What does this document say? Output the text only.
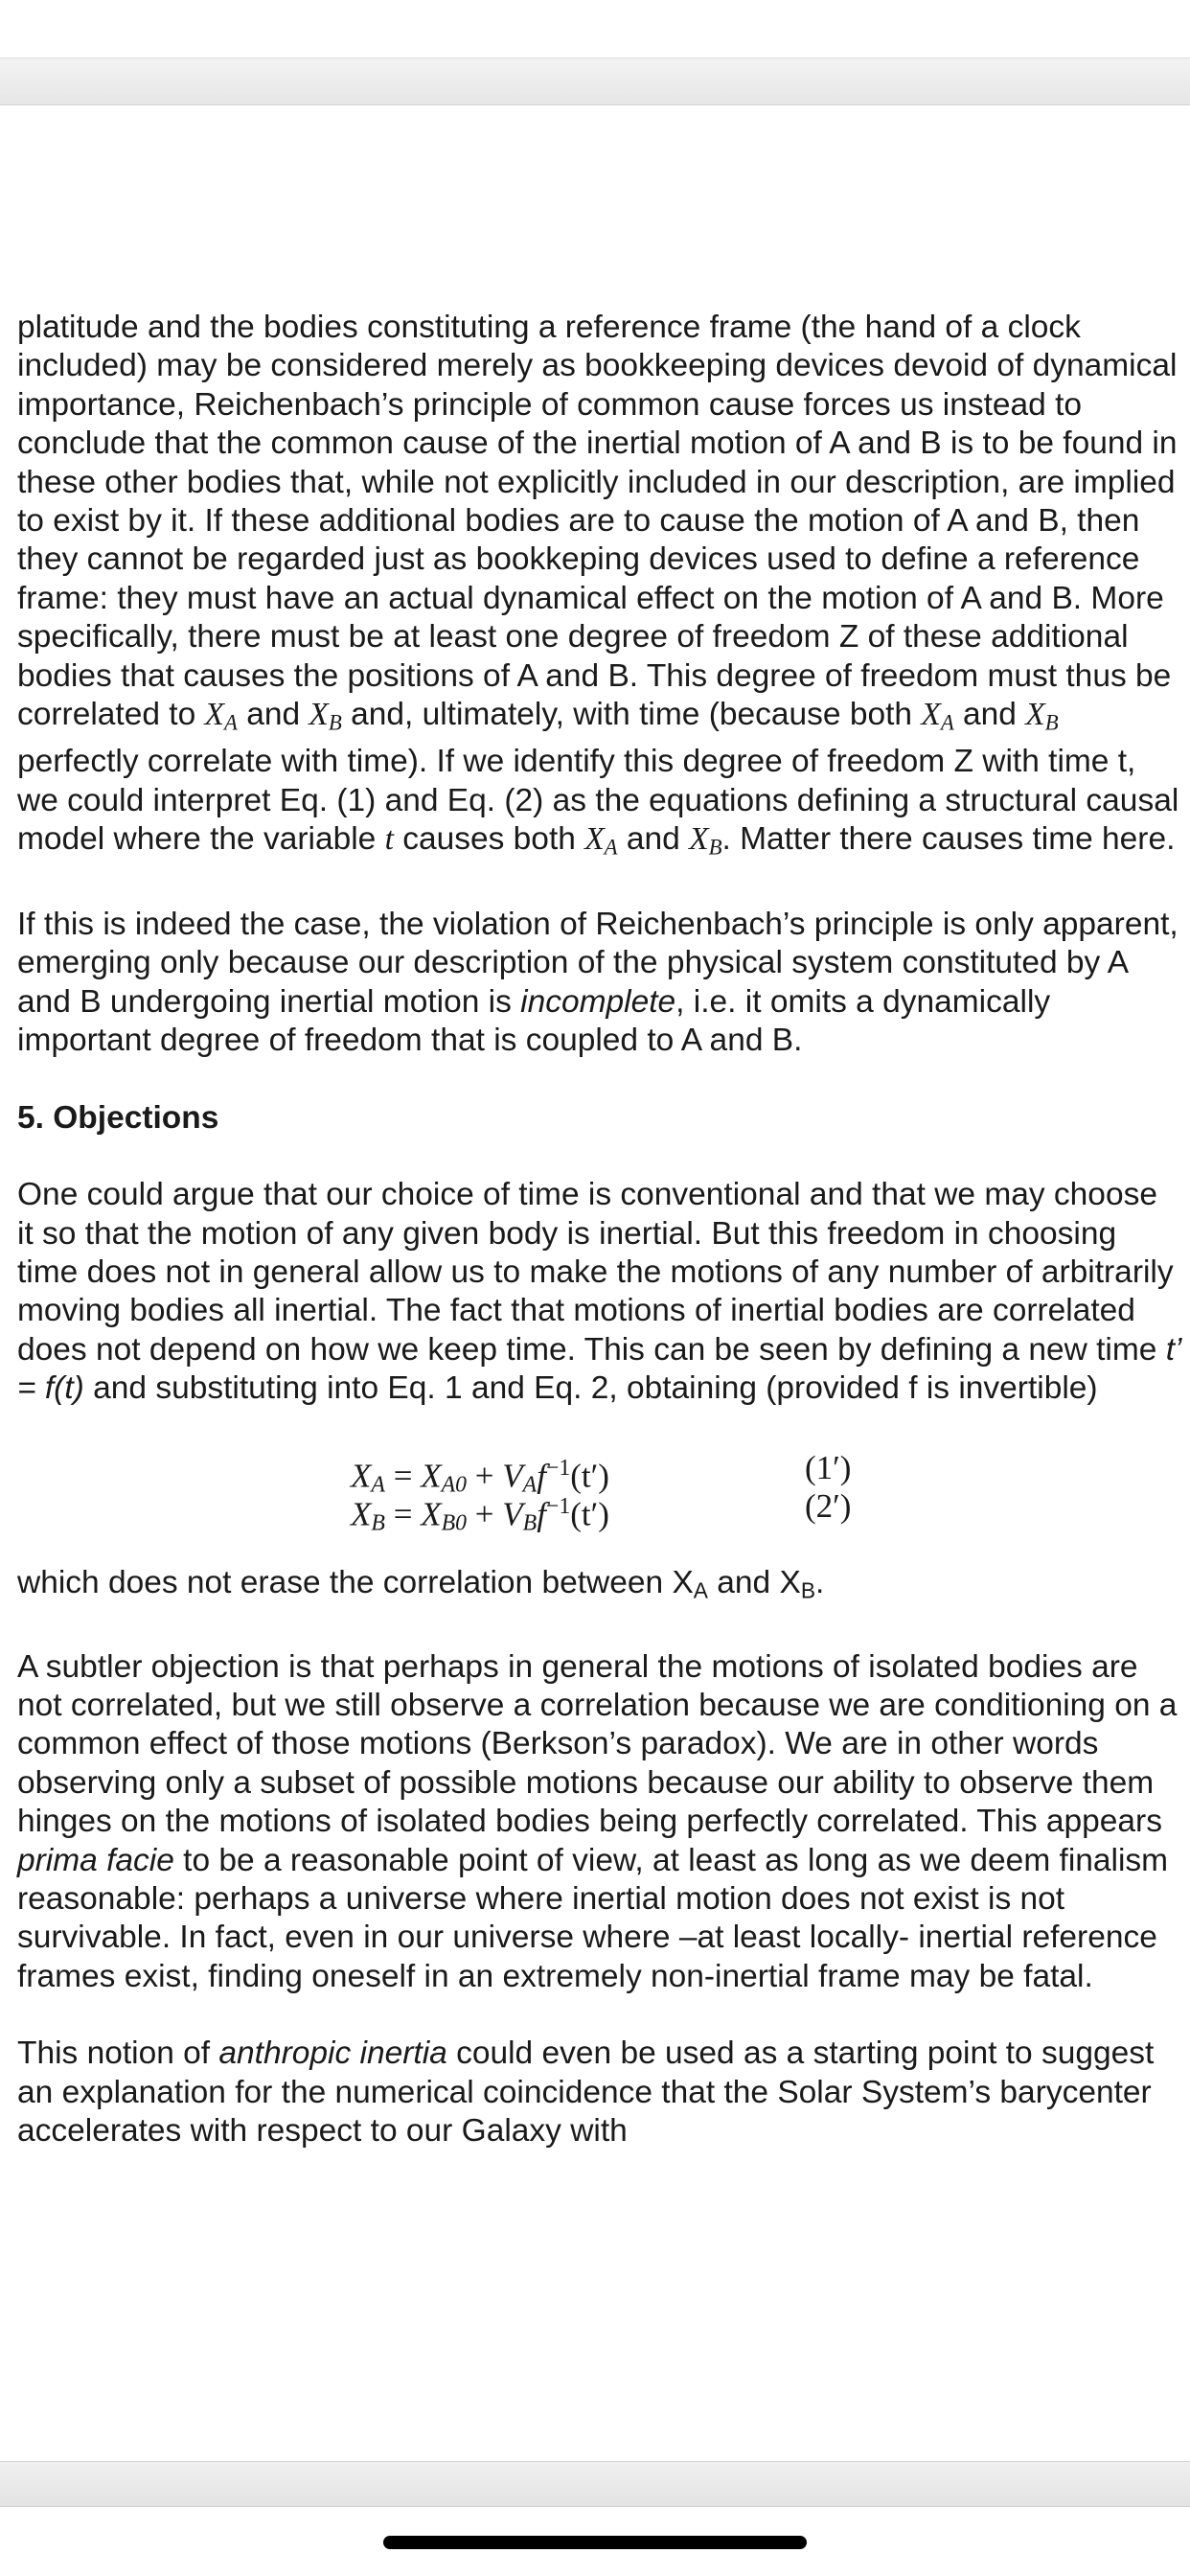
platitude and the bodies constituting a reference frame (the hand of a clock included) may be considered merely as bookkeeping devices devoid of dynamical importance, Reichenbach’s principle of common cause forces us instead to conclude that the common cause of the inertial motion of A and B is to be found in these other bodies that, while not explicitly included in our description, are implied to exist by it. If these additional bodies are to cause the motion of A and B, then they cannot be regarded just as bookkeping devices used to define a reference frame: they must have an actual dynamical effect on the motion of A and B. More specifically, there must be at least one degree of freedom Z of these additional bodies that causes the positions of A and B. This degree of freedom must thus be correlated to $X_A$ and $X_B$ and, ultimately, with time (because both $X_A$ and $X_B$ perfectly correlate with time). If we identify this degree of freedom Z with time t, we could interpret Eq. (1) and Eq. (2) as the equations defining a structural causal model where the variable t causes both $X_A$ and $X_B$. Matter there causes time here.

If this is indeed the case, the violation of Reichenbach’s principle is only apparent, emerging only because our description of the physical system constituted by A and B undergoing inertial motion is incomplete, i.e. it omits a dynamically important degree of freedom that is coupled to A and B.

5. Objections

One could argue that our choice of time is conventional and that we may choose it so that the motion of any given body is inertial. But this freedom in choosing time does not in general allow us to make the motions of any number of arbitrarily moving bodies all inertial. The fact that motions of inertial bodies are correlated does not depend on how we keep time. This can be seen by defining a new time t’ = f(t) and substituting into Eq. 1 and Eq. 2, obtaining (provided f is invertible)

XA = XA0 + VAf$^{-1}$(t′)	(1′)
XB = XB0 + VBf$^{-1}$(t′)	(2′)

which does not erase the correlation between $X_A$ and $X_B$.

A subtler objection is that perhaps in general the motions of isolated bodies are not correlated, but we still observe a correlation because we are conditioning on a common effect of those motions (Berkson’s paradox). We are in other words observing only a subset of possible motions because our ability to observe them hinges on the motions of isolated bodies being perfectly correlated. This appears prima facie to be a reasonable point of view, at least as long as we deem finalism reasonable: perhaps a universe where inertial motion does not exist is not survivable. In fact, even in our universe where –at least locally- inertial reference frames exist, finding oneself in an extremely non-inertial frame may be fatal.

This notion of anthropic inertia could even be used as a starting point to suggest an explanation for the numerical coincidence that the Solar System’s barycenter accelerates with respect to our Galaxy with
